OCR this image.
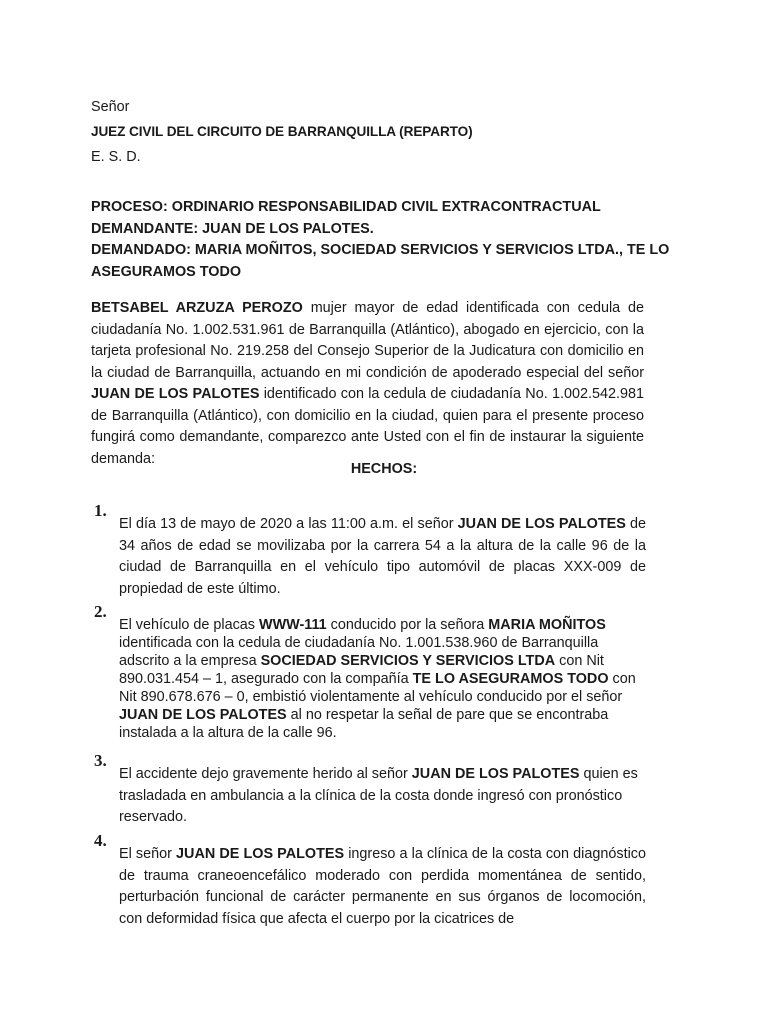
Señor

JUEZ CIVIL DEL CIRCUITO DE BARRANQUILLA (REPARTO)

E. S. D.

PROCESO: ORDINARIO RESPONSABILIDAD CIVIL EXTRACONTRACTUAL
DEMANDANTE: JUAN DE LOS PALOTES.
DEMANDADO: MARIA MOÑITOS, SOCIEDAD SERVICIOS Y SERVICIOS LTDA., TE LO
ASEGURAMOS TODO

BETSABEL ARZUZA PEROZO mujer mayor de edad identificada con cedula de ciudadanía No. 1.002.531.961 de Barranquilla (Atlántico), abogado en ejercicio, con la tarjeta profesional No. 219.258 del Consejo Superior de la Judicatura con domicilio en la ciudad de Barranquilla, actuando en mi condición de apoderado especial del señor JUAN DE LOS PALOTES identificado con la cedula de ciudadanía No. 1.002.542.981 de Barranquilla (Atlántico), con domicilio en la ciudad, quien para el presente proceso fungirá como demandante, comparezco ante Usted con el fin de instaurar la siguiente demanda:

HECHOS:

1.

El día 13 de mayo de 2020 a las 11:00 a.m. el señor JUAN DE LOS PALOTES de 34 años de edad se movilizaba por la carrera 54 a la altura de la calle 96 de la ciudad de Barranquilla en el vehículo tipo automóvil de placas XXX-009 de propiedad de este último.

2.

El vehículo de placas WWW-111 conducido por la señora MARIA MOÑITOS identificada con la cedula de ciudadanía No. 1.001.538.960 de Barranquilla adscrito a la empresa SOCIEDAD SERVICIOS Y SERVICIOS LTDA con Nit 890.031.454 – 1, asegurado con la compañía TE LO ASEGURAMOS TODO con Nit 890.678.676 – 0, embistió violentamente al vehículo conducido por el señor JUAN DE LOS PALOTES al no respetar la señal de pare que se encontraba instalada a la altura de la calle 96.

3.

El accidente dejo gravemente herido al señor JUAN DE LOS PALOTES quien es trasladada en ambulancia a la clínica de la costa donde ingresó con pronóstico reservado.

4.

El señor JUAN DE LOS PALOTES ingreso a la clínica de la costa con diagnóstico de trauma craneoencefálico moderado con perdida momentánea de sentido, perturbación funcional de carácter permanente en sus órganos de locomoción, con deformidad física que afecta el cuerpo por la cicatrices de
